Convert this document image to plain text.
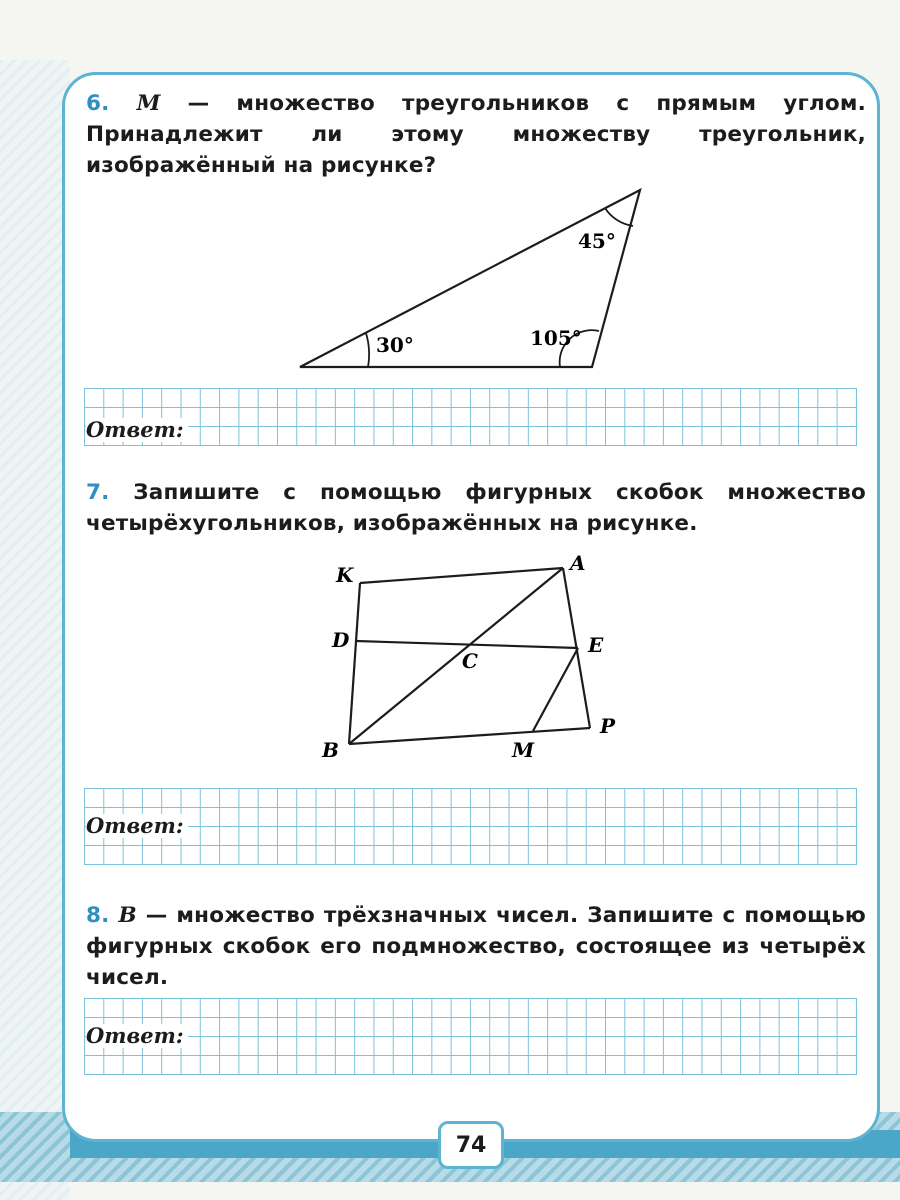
6. M — множество треугольников с прямым углом. Принадлежит ли этому множеству треугольник, изображённый на рисунке?
45°
30°	105°
Ответ:
7. Запишите с помощью фигурных скобок множество четырёхугольников, изображённых на рисунке.
K	A
D
C
E
B	M
P
Ответ:
8. B — множество трёхзначных чисел. Запишите с помощью фигурных скобок его подмножество, состоящее из четырёх чисел.
Ответ:
74
